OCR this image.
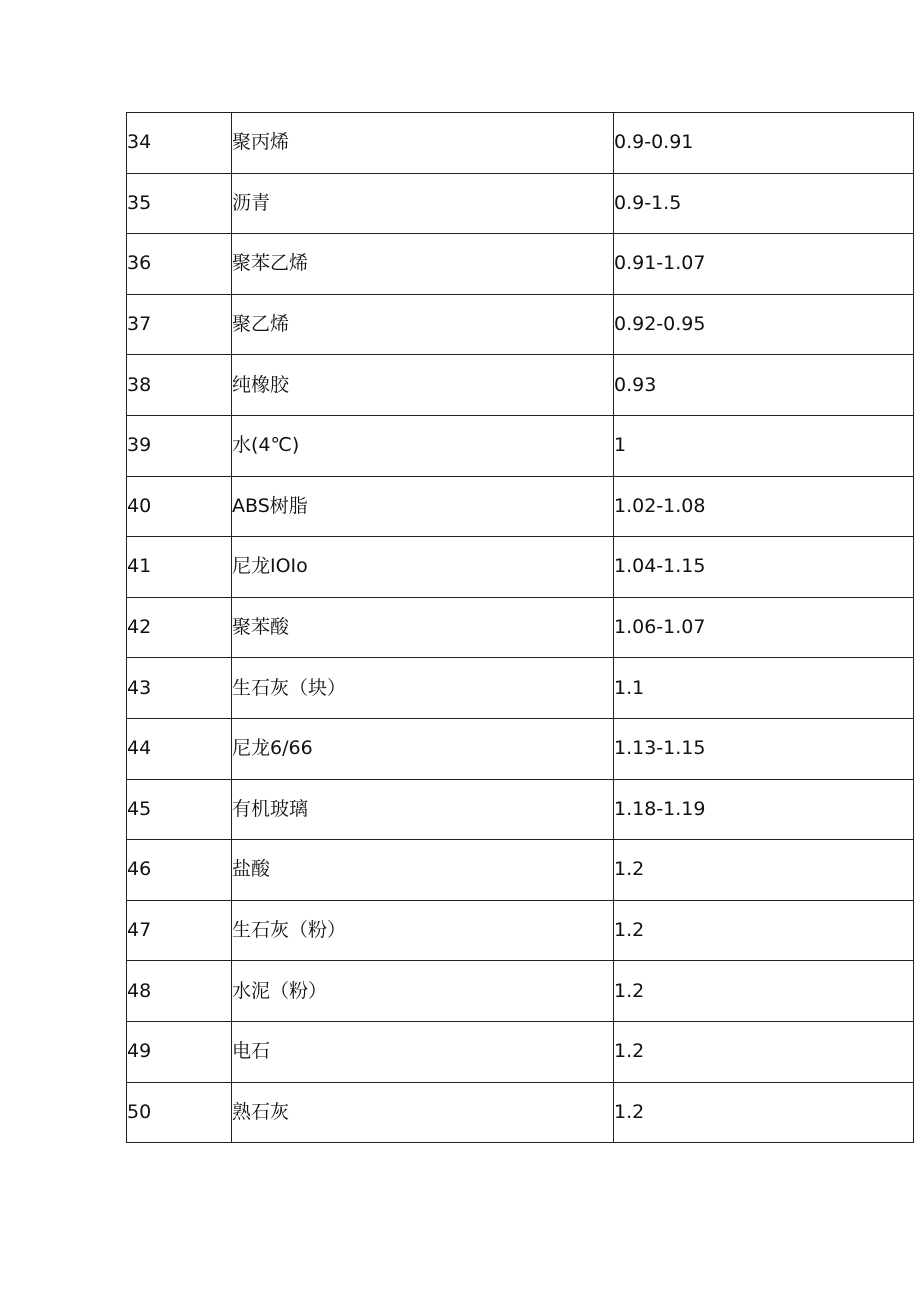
34	聚丙烯	0.9-0.91
35	沥青	0.9-1.5
36	聚苯乙烯	0.91-1.07
37	聚乙烯	0.92-0.95
38	纯橡胶	0.93
39	水(4℃)	1
40	ABS树脂	1.02-1.08
41	尼龙IOIo	1.04-1.15
42	聚苯酸	1.06-1.07
43	生石灰（块）	1.1
44	尼龙6/66	1.13-1.15
45	有机玻璃	1.18-1.19
46	盐酸	1.2
47	生石灰（粉）	1.2
48	水泥（粉）	1.2
49	电石	1.2
50	熟石灰	1.2
